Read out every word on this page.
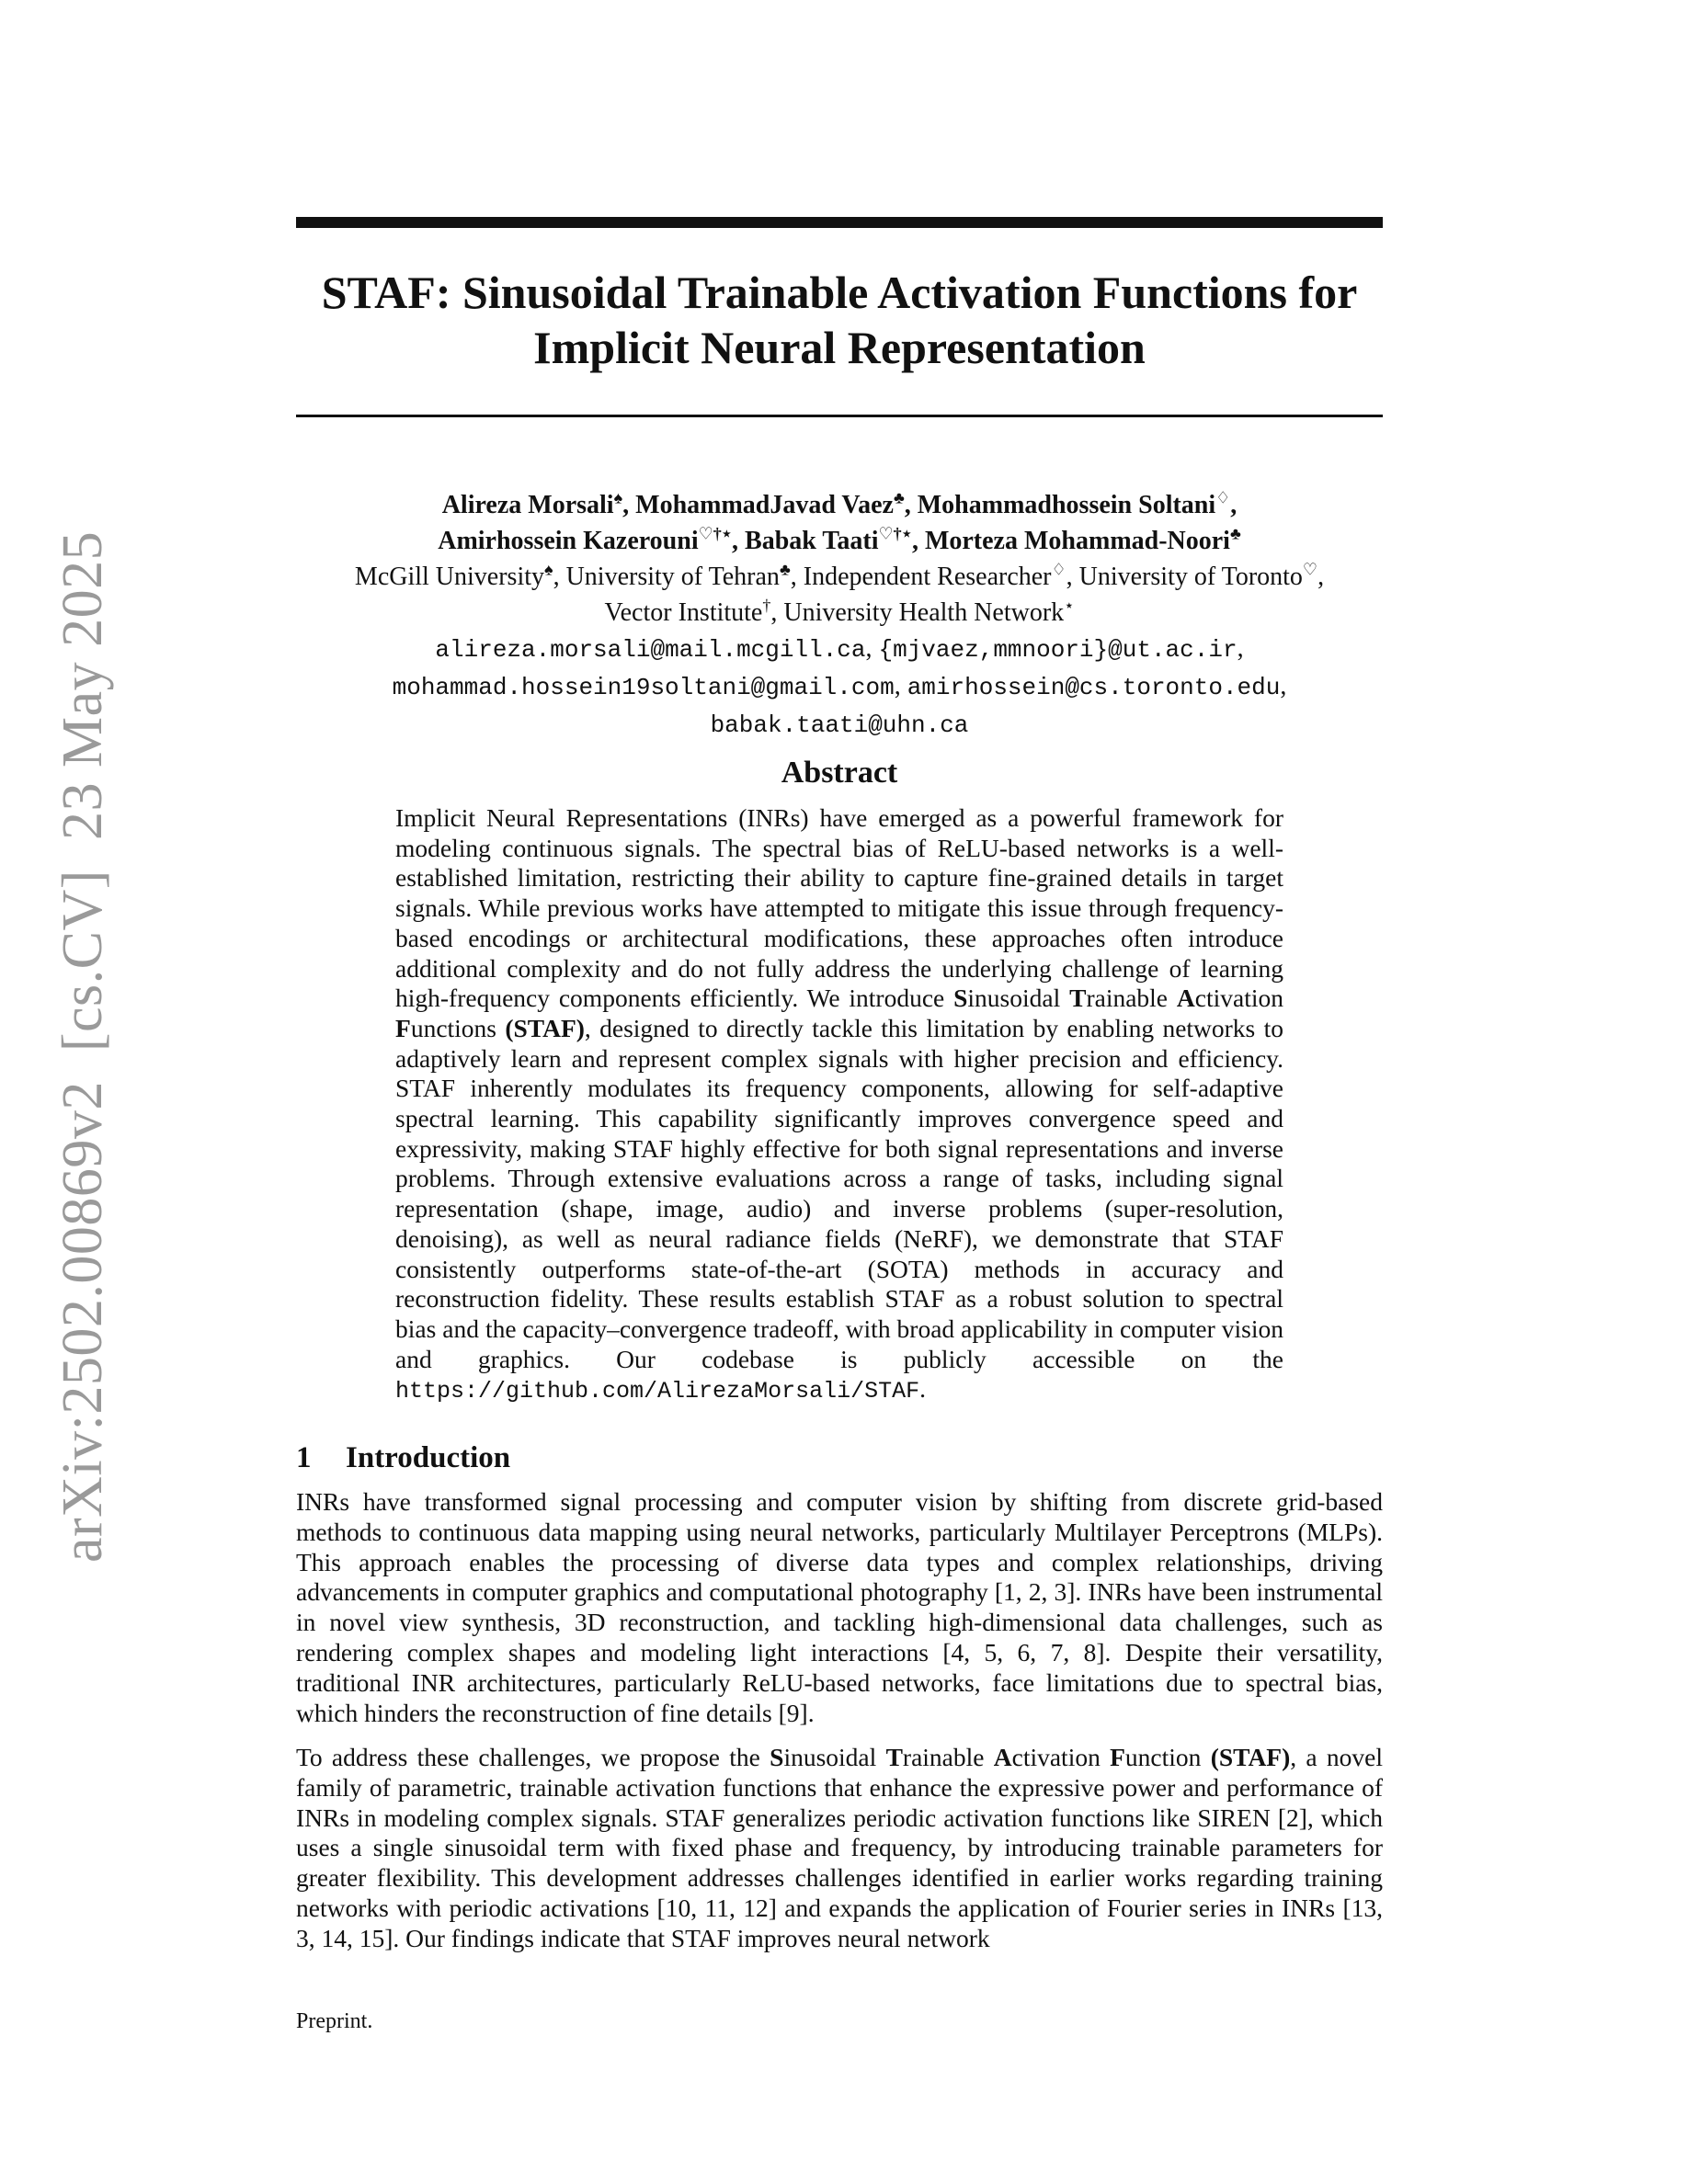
arXiv:2502.00869v2  [cs.CV]  23 May 2025
STAF: Sinusoidal Trainable Activation Functions for
Implicit Neural Representation
Alireza Morsali♠, MohammadJavad Vaez♣, Mohammadhossein Soltani♢,
Amirhossein Kazerouni♡†⋆, Babak Taati♡†⋆, Morteza Mohammad-Noori♣
McGill University♠, University of Tehran♣, Independent Researcher♢, University of Toronto♡,
Vector Institute†, University Health Network⋆
alireza.morsali@mail.mcgill.ca, {mjvaez,mmnoori}@ut.ac.ir,
mohammad.hossein19soltani@gmail.com, amirhossein@cs.toronto.edu, babak.taati@uhn.ca
Abstract
Implicit Neural Representations (INRs) have emerged as a powerful framework for modeling continuous signals. The spectral bias of ReLU-based networks is a well-established limitation, restricting their ability to capture fine-grained details in target signals. While previous works have attempted to mitigate this issue through frequency-based encodings or architectural modifications, these approaches often introduce additional complexity and do not fully address the underlying challenge of learning high-frequency components efficiently. We introduce Sinusoidal Trainable Activation Functions (STAF), designed to directly tackle this limitation by enabling networks to adaptively learn and represent complex signals with higher precision and efficiency. STAF inherently modulates its frequency components, allowing for self-adaptive spectral learning. This capability significantly improves convergence speed and expressivity, making STAF highly effective for both signal representations and inverse problems. Through extensive evaluations across a range of tasks, including signal representation (shape, image, audio) and inverse problems (super-resolution, denoising), as well as neural radiance fields (NeRF), we demonstrate that STAF consistently outperforms state-of-the-art (SOTA) methods in accuracy and reconstruction fidelity. These results establish STAF as a robust solution to spectral bias and the capacity–convergence tradeoff, with broad applicability in computer vision and graphics. Our codebase is publicly accessible on the https://github.com/AlirezaMorsali/STAF.
1 Introduction
INRs have transformed signal processing and computer vision by shifting from discrete grid-based methods to continuous data mapping using neural networks, particularly Multilayer Perceptrons (MLPs). This approach enables the processing of diverse data types and complex relationships, driving advancements in computer graphics and computational photography [1, 2, 3]. INRs have been instrumental in novel view synthesis, 3D reconstruction, and tackling high-dimensional data challenges, such as rendering complex shapes and modeling light interactions [4, 5, 6, 7, 8]. Despite their versatility, traditional INR architectures, particularly ReLU-based networks, face limitations due to spectral bias, which hinders the reconstruction of fine details [9].
To address these challenges, we propose the Sinusoidal Trainable Activation Function (STAF), a novel family of parametric, trainable activation functions that enhance the expressive power and performance of INRs in modeling complex signals. STAF generalizes periodic activation functions like SIREN [2], which uses a single sinusoidal term with fixed phase and frequency, by introducing trainable parameters for greater flexibility. This development addresses challenges identified in earlier works regarding training networks with periodic activations [10, 11, 12] and expands the application of Fourier series in INRs [13, 3, 14, 15]. Our findings indicate that STAF improves neural network
Preprint.
